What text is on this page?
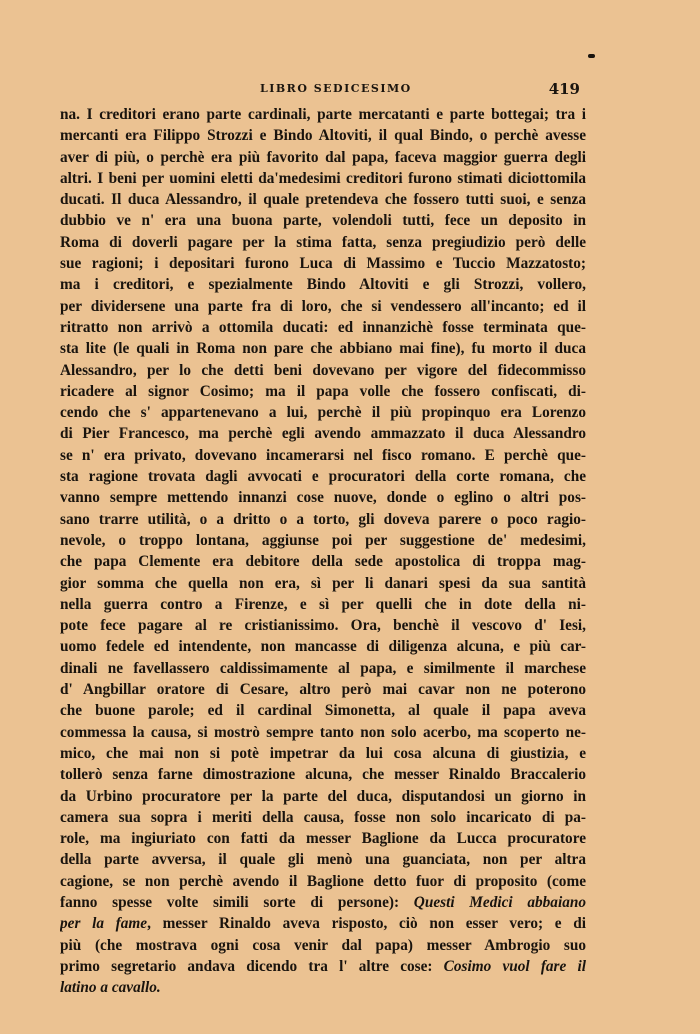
LIBRO SEDICESIMO	419
na. I creditori erano parte cardinali, parte mercatanti e parte bottegai; tra i
mercanti era Filippo Strozzi e Bindo Altoviti, il qual Bindo, o perchè avesse
aver di più, o perchè era più favorito dal papa, faceva maggior guerra degli
altri. I beni per uomini eletti da'medesimi creditori furono stimati diciottomila
ducati. Il duca Alessandro, il quale pretendeva che fossero tutti suoi, e senza
dubbio ve n' era una buona parte, volendoli tutti, fece un deposito in
Roma di doverli pagare per la stima fatta, senza pregiudizio però delle
sue ragioni; i depositari furono Luca di Massimo e Tuccio Mazzatosto;
ma i creditori, e spezialmente Bindo Altoviti e gli Strozzi, vollero,
per dividersene una parte fra di loro, che si vendessero all'incanto; ed il
ritratto non arrivò a ottomila ducati: ed innanzichè fosse terminata que-
sta lite (le quali in Roma non pare che abbiano mai fine), fu morto il duca
Alessandro, per lo che detti beni dovevano per vigore del fidecommisso
ricadere al signor Cosimo; ma il papa volle che fossero confiscati, di-
cendo che s' appartenevano a lui, perchè il più propinquo era Lorenzo
di Pier Francesco, ma perchè egli avendo ammazzato il duca Alessandro
se n' era privato, dovevano incamerarsi nel fisco romano. E perchè que-
sta ragione trovata dagli avvocati e procuratori della corte romana, che
vanno sempre mettendo innanzi cose nuove, donde o eglino o altri pos-
sano trarre utilità, o a dritto o a torto, gli doveva parere o poco ragio-
nevole, o troppo lontana, aggiunse poi per suggestione de' medesimi,
che papa Clemente era debitore della sede apostolica di troppa mag-
gior somma che quella non era, sì per li danari spesi da sua santità
nella guerra contro a Firenze, e sì per quelli che in dote della ni-
pote fece pagare al re cristianissimo. Ora, benchè il vescovo d' Iesi,
uomo fedele ed intendente, non mancasse di diligenza alcuna, e più car-
dinali ne favellassero caldissimamente al papa, e similmente il marchese
d' Angbillar oratore di Cesare, altro però mai cavar non ne poterono
che buone parole; ed il cardinal Simonetta, al quale il papa aveva
commessa la causa, si mostrò sempre tanto non solo acerbo, ma scoperto ne-
mico, che mai non si potè impetrar da lui cosa alcuna di giustizia, e
tollerò senza farne dimostrazione alcuna, che messer Rinaldo Braccalerio
da Urbino procuratore per la parte del duca, disputandosi un giorno in
camera sua sopra i meriti della causa, fosse non solo incaricato di pa-
role, ma ingiuriato con fatti da messer Baglione da Lucca procuratore
della parte avversa, il quale gli menò una guanciata, non per altra
cagione, se non perchè avendo il Baglione detto fuor di proposito (come
fanno spesse volte simili sorte di persone): Questi Medici abbaiano
per la fame, messer Rinaldo aveva risposto, ciò non esser vero; e di
più (che mostrava ogni cosa venir dal papa) messer Ambrogio suo
primo segretario andava dicendo tra l' altre cose: Cosimo vuol fare il
latino a cavallo.
